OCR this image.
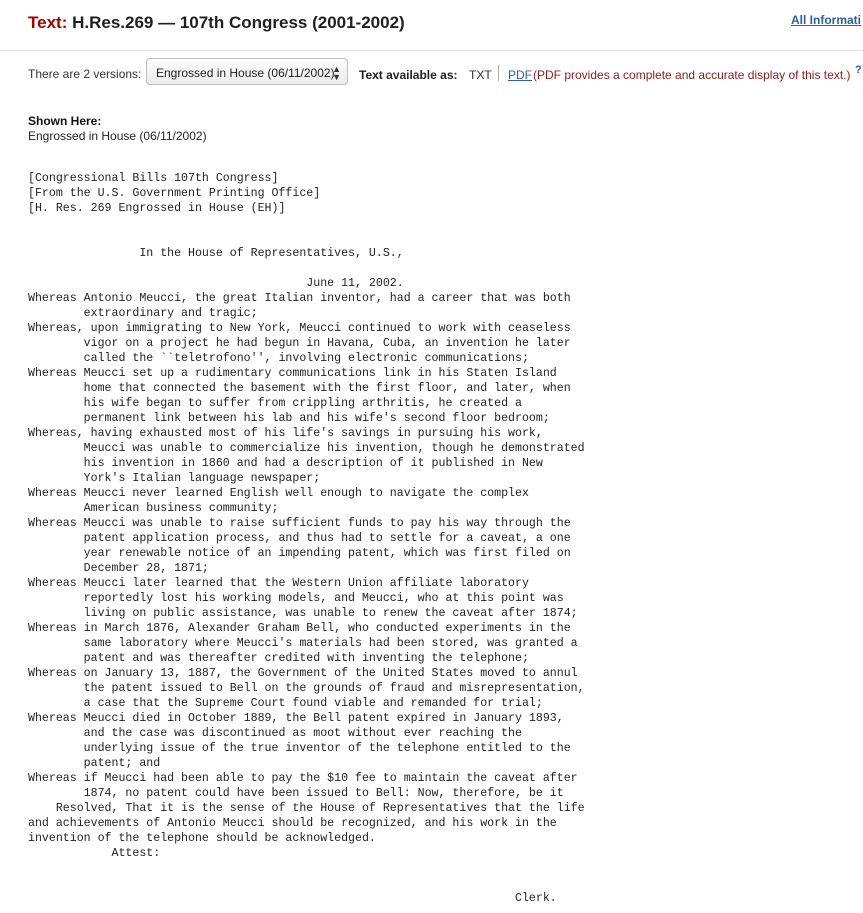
Text: H.Res.269 — 107th Congress (2001-2002)	All Informati
There are 2 versions:	Engrossed in House (06/11/2002)
▲
▼ Text available as: TXT PDF (PDF provides a complete and accurate display of this text.) ?
Shown Here:
Engrossed in House (06/11/2002)
[Congressional Bills 107th Congress]
[From the U.S. Government Printing Office]
[H. Res. 269 Engrossed in House (EH)]

In the House of Representatives, U.S.,

June 11, 2002.
Whereas Antonio Meucci, the great Italian inventor, had a career that was both
extraordinary and tragic;
Whereas, upon immigrating to New York, Meucci continued to work with ceaseless
vigor on a project he had begun in Havana, Cuba, an invention he later
called the ``teletrofono'', involving electronic communications;
Whereas Meucci set up a rudimentary communications link in his Staten Island
home that connected the basement with the first floor, and later, when
his wife began to suffer from crippling arthritis, he created a
permanent link between his lab and his wife's second floor bedroom;
Whereas, having exhausted most of his life's savings in pursuing his work,
Meucci was unable to commercialize his invention, though he demonstrated
his invention in 1860 and had a description of it published in New
York's Italian language newspaper;
Whereas Meucci never learned English well enough to navigate the complex
American business community;
Whereas Meucci was unable to raise sufficient funds to pay his way through the
patent application process, and thus had to settle for a caveat, a one
year renewable notice of an impending patent, which was first filed on
December 28, 1871;
Whereas Meucci later learned that the Western Union affiliate laboratory
reportedly lost his working models, and Meucci, who at this point was
living on public assistance, was unable to renew the caveat after 1874;
Whereas in March 1876, Alexander Graham Bell, who conducted experiments in the
same laboratory where Meucci's materials had been stored, was granted a
patent and was thereafter credited with inventing the telephone;
Whereas on January 13, 1887, the Government of the United States moved to annul
the patent issued to Bell on the grounds of fraud and misrepresentation,
a case that the Supreme Court found viable and remanded for trial;
Whereas Meucci died in October 1889, the Bell patent expired in January 1893,
and the case was discontinued as moot without ever reaching the
underlying issue of the true inventor of the telephone entitled to the
patent; and
Whereas if Meucci had been able to pay the $10 fee to maintain the caveat after
1874, no patent could have been issued to Bell: Now, therefore, be it
Resolved, That it is the sense of the House of Representatives that the life
and achievements of Antonio Meucci should be recognized, and his work in the
invention of the telephone should be acknowledged.
Attest:

Clerk.
